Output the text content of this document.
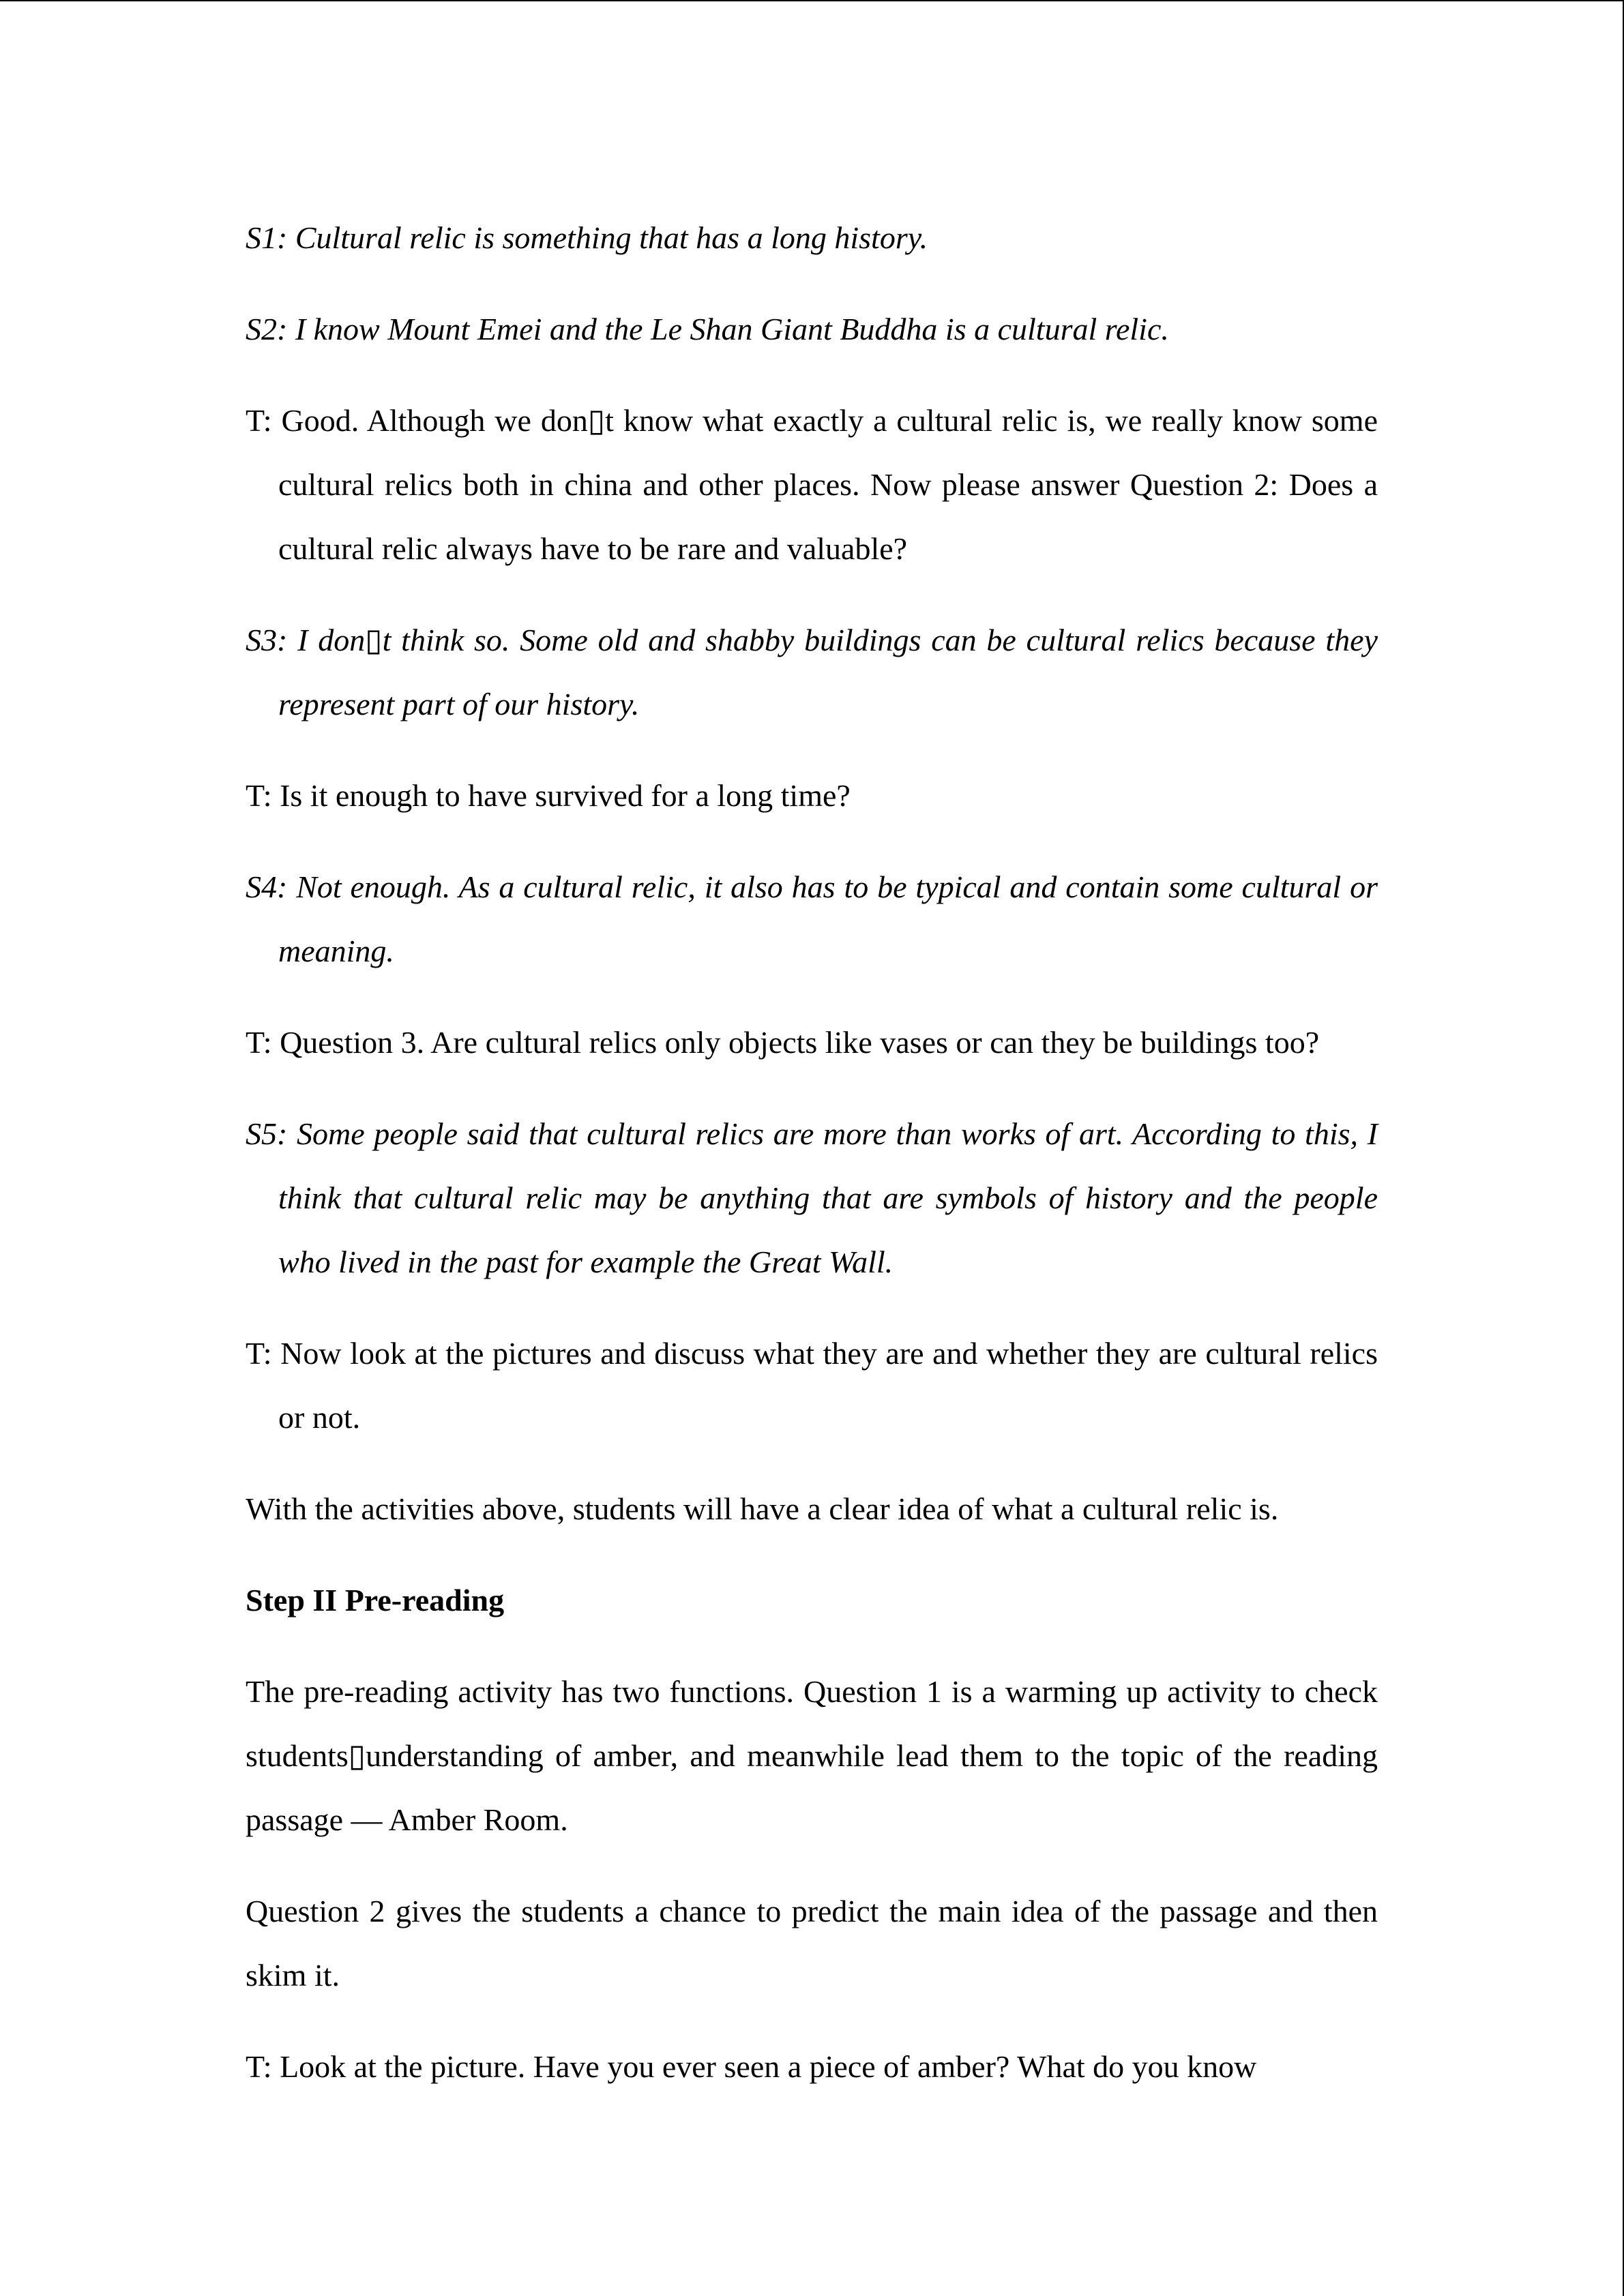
S1: Cultural relic is something that has a long history.

S2: I know Mount Emei and the Le Shan Giant Buddha is a cultural relic.

T: Good. Although we don▯t know what exactly a cultural relic is, we really know some cultural relics both in china and other places. Now please answer Question 2: Does a cultural relic always have to be rare and valuable?

S3: I don▯t think so. Some old and shabby buildings can be cultural relics because they represent part of our history.

T: Is it enough to have survived for a long time?

S4: Not enough. As a cultural relic, it also has to be typical and contain some cultural or meaning.

T: Question 3. Are cultural relics only objects like vases or can they be buildings too?

S5: Some people said that cultural relics are more than works of art. According to this, I think that cultural relic may be anything that are symbols of history and the people who lived in the past for example the Great Wall.

T: Now look at the pictures and discuss what they are and whether they are cultural relics or not.

With the activities above, students will have a clear idea of what a cultural relic is.

Step II Pre-reading

The pre-reading activity has two functions. Question 1 is a warming up activity to check students▯understanding of amber, and meanwhile lead them to the topic of the reading passage — Amber Room.

Question 2 gives the students a chance to predict the main idea of the passage and then skim it.

T: Look at the picture. Have you ever seen a piece of amber? What do you know
